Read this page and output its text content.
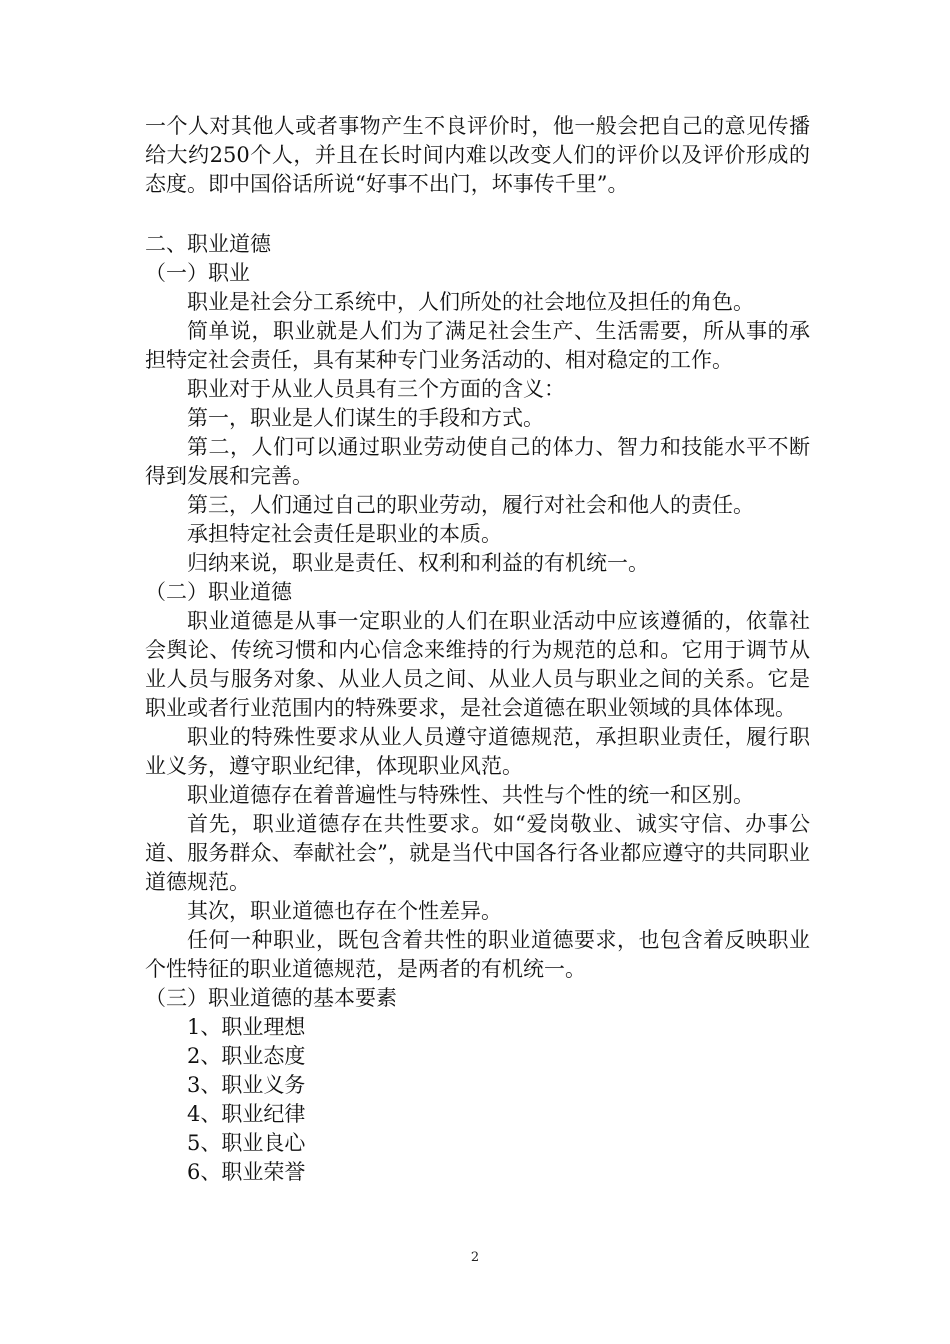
一个人对其他人或者事物产生不良评价时，他一般会把自己的意见传播给大约250个人，并且在长时间内难以改变人们的评价以及评价形成的态度。即中国俗话所说“好事不出门，坏事传千里”。

二、职业道德

（一）职业

职业是社会分工系统中，人们所处的社会地位及担任的角色。

简单说，职业就是人们为了满足社会生产、生活需要，所从事的承担特定社会责任，具有某种专门业务活动的、相对稳定的工作。

职业对于从业人员具有三个方面的含义：

第一，职业是人们谋生的手段和方式。

第二，人们可以通过职业劳动使自己的体力、智力和技能水平不断得到发展和完善。

第三，人们通过自己的职业劳动，履行对社会和他人的责任。

承担特定社会责任是职业的本质。

归纳来说，职业是责任、权利和利益的有机统一。

（二）职业道德

职业道德是从事一定职业的人们在职业活动中应该遵循的，依靠社会舆论、传统习惯和内心信念来维持的行为规范的总和。它用于调节从业人员与服务对象、从业人员之间、从业人员与职业之间的关系。它是职业或者行业范围内的特殊要求，是社会道德在职业领域的具体体现。

职业的特殊性要求从业人员遵守道德规范，承担职业责任，履行职业义务，遵守职业纪律，体现职业风范。

职业道德存在着普遍性与特殊性、共性与个性的统一和区别。

首先，职业道德存在共性要求。如“爱岗敬业、诚实守信、办事公道、服务群众、奉献社会”，就是当代中国各行各业都应遵守的共同职业道德规范。

其次，职业道德也存在个性差异。

任何一种职业，既包含着共性的职业道德要求，也包含着反映职业个性特征的职业道德规范，是两者的有机统一。

（三）职业道德的基本要素

1、职业理想

2、职业态度

3、职业义务

4、职业纪律

5、职业良心

6、职业荣誉

2
